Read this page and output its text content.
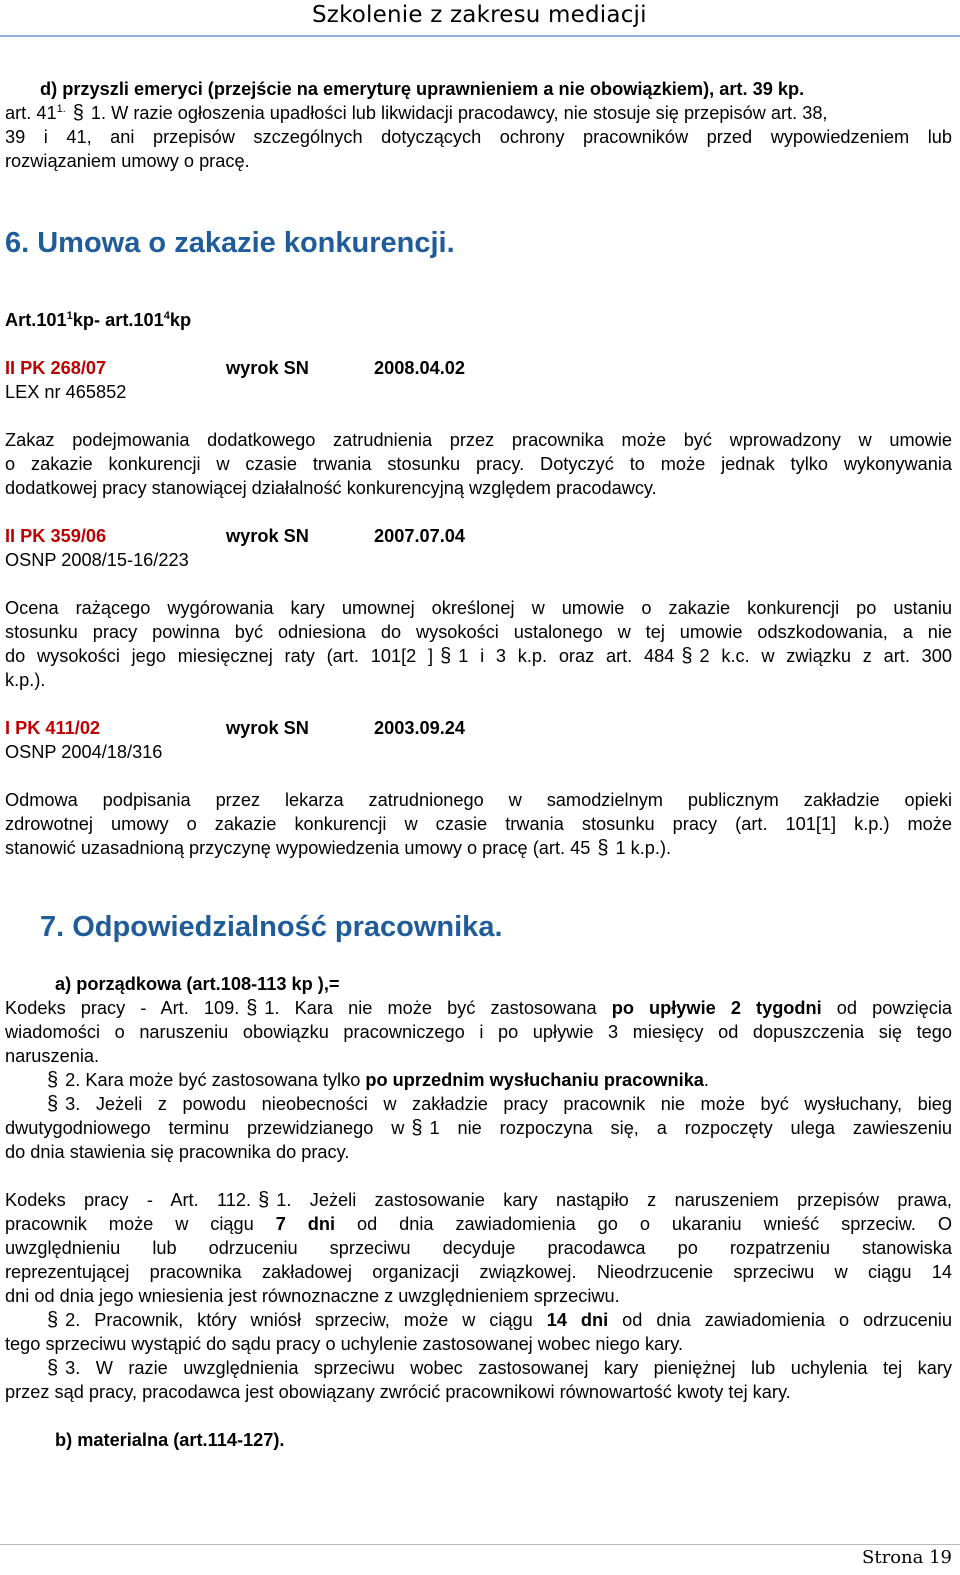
Szkolenie z zakresu mediacji
d) przyszli emeryci (przejście na emeryturę uprawnieniem a nie obowiązkiem), art. 39 kp.
art. $41^{1.}$ § 1. W razie ogłoszenia upadłości lub likwidacji pracodawcy, nie stosuje się przepisów art. 38,
39 i 41, ani przepisów szczególnych dotyczących ochrony pracowników przed wypowiedzeniem lub
rozwiązaniem umowy o pracę.
6. Umowa o zakazie konkurencji.
Art.101$^1$kp- art.101$^4$kp
II PK 268/07	wyrok SN	2008.04.02
LEX nr 465852
Zakaz podejmowania dodatkowego zatrudnienia przez pracownika może być wprowadzony w umowie
o zakazie konkurencji w czasie trwania stosunku pracy. Dotyczyć to może jednak tylko wykonywania
dodatkowej pracy stanowiącej działalność konkurencyjną względem pracodawcy.
II PK 359/06	wyrok SN	2007.07.04
OSNP 2008/15-16/223
Ocena rażącego wygórowania kary umownej określonej w umowie o zakazie konkurencji po ustaniu
stosunku pracy powinna być odniesiona do wysokości ustalonego w tej umowie odszkodowania, a nie
do wysokości jego miesięcznej raty (art. 101[2 ] § 1 i 3 k.p. oraz art. 484 § 2 k.c. w związku z art. 300
k.p.).
I PK 411/02	wyrok SN	2003.09.24
OSNP 2004/18/316
Odmowa podpisania przez lekarza zatrudnionego w samodzielnym publicznym zakładzie opieki
zdrowotnej umowy o zakazie konkurencji w czasie trwania stosunku pracy (art. 101[1] k.p.) może
stanowić uzasadnioną przyczynę wypowiedzenia umowy o pracę (art. 45 § 1 k.p.).
7. Odpowiedzialność pracownika.
a) porządkowa (art.108-113 kp ),=
Kodeks pracy - Art. 109. § 1. Kara nie może być zastosowana po upływie 2 tygodni od powzięcia
wiadomości o naruszeniu obowiązku pracowniczego i po upływie 3 miesięcy od dopuszczenia się tego
naruszenia.
§ 2. Kara może być zastosowana tylko po uprzednim wysłuchaniu pracownika.
§ 3. Jeżeli z powodu nieobecności w zakładzie pracy pracownik nie może być wysłuchany, bieg
dwutygodniowego terminu przewidzianego w § 1 nie rozpoczyna się, a rozpoczęty ulega zawieszeniu
do dnia stawienia się pracownika do pracy.
Kodeks pracy - Art. 112. § 1. Jeżeli zastosowanie kary nastąpiło z naruszeniem przepisów prawa,
pracownik może w ciągu 7 dni od dnia zawiadomienia go o ukaraniu wnieść sprzeciw. O
uwzględnieniu lub odrzuceniu sprzeciwu decyduje pracodawca po rozpatrzeniu stanowiska
reprezentującej pracownika zakładowej organizacji związkowej. Nieodrzucenie sprzeciwu w ciągu 14
dni od dnia jego wniesienia jest równoznaczne z uwzględnieniem sprzeciwu.
§ 2. Pracownik, który wniósł sprzeciw, może w ciągu 14 dni od dnia zawiadomienia o odrzuceniu
tego sprzeciwu wystąpić do sądu pracy o uchylenie zastosowanej wobec niego kary.
§ 3. W razie uwzględnienia sprzeciwu wobec zastosowanej kary pieniężnej lub uchylenia tej kary
przez sąd pracy, pracodawca jest obowiązany zwrócić pracownikowi równowartość kwoty tej kary.
b) materialna (art.114-127).
Strona 19
